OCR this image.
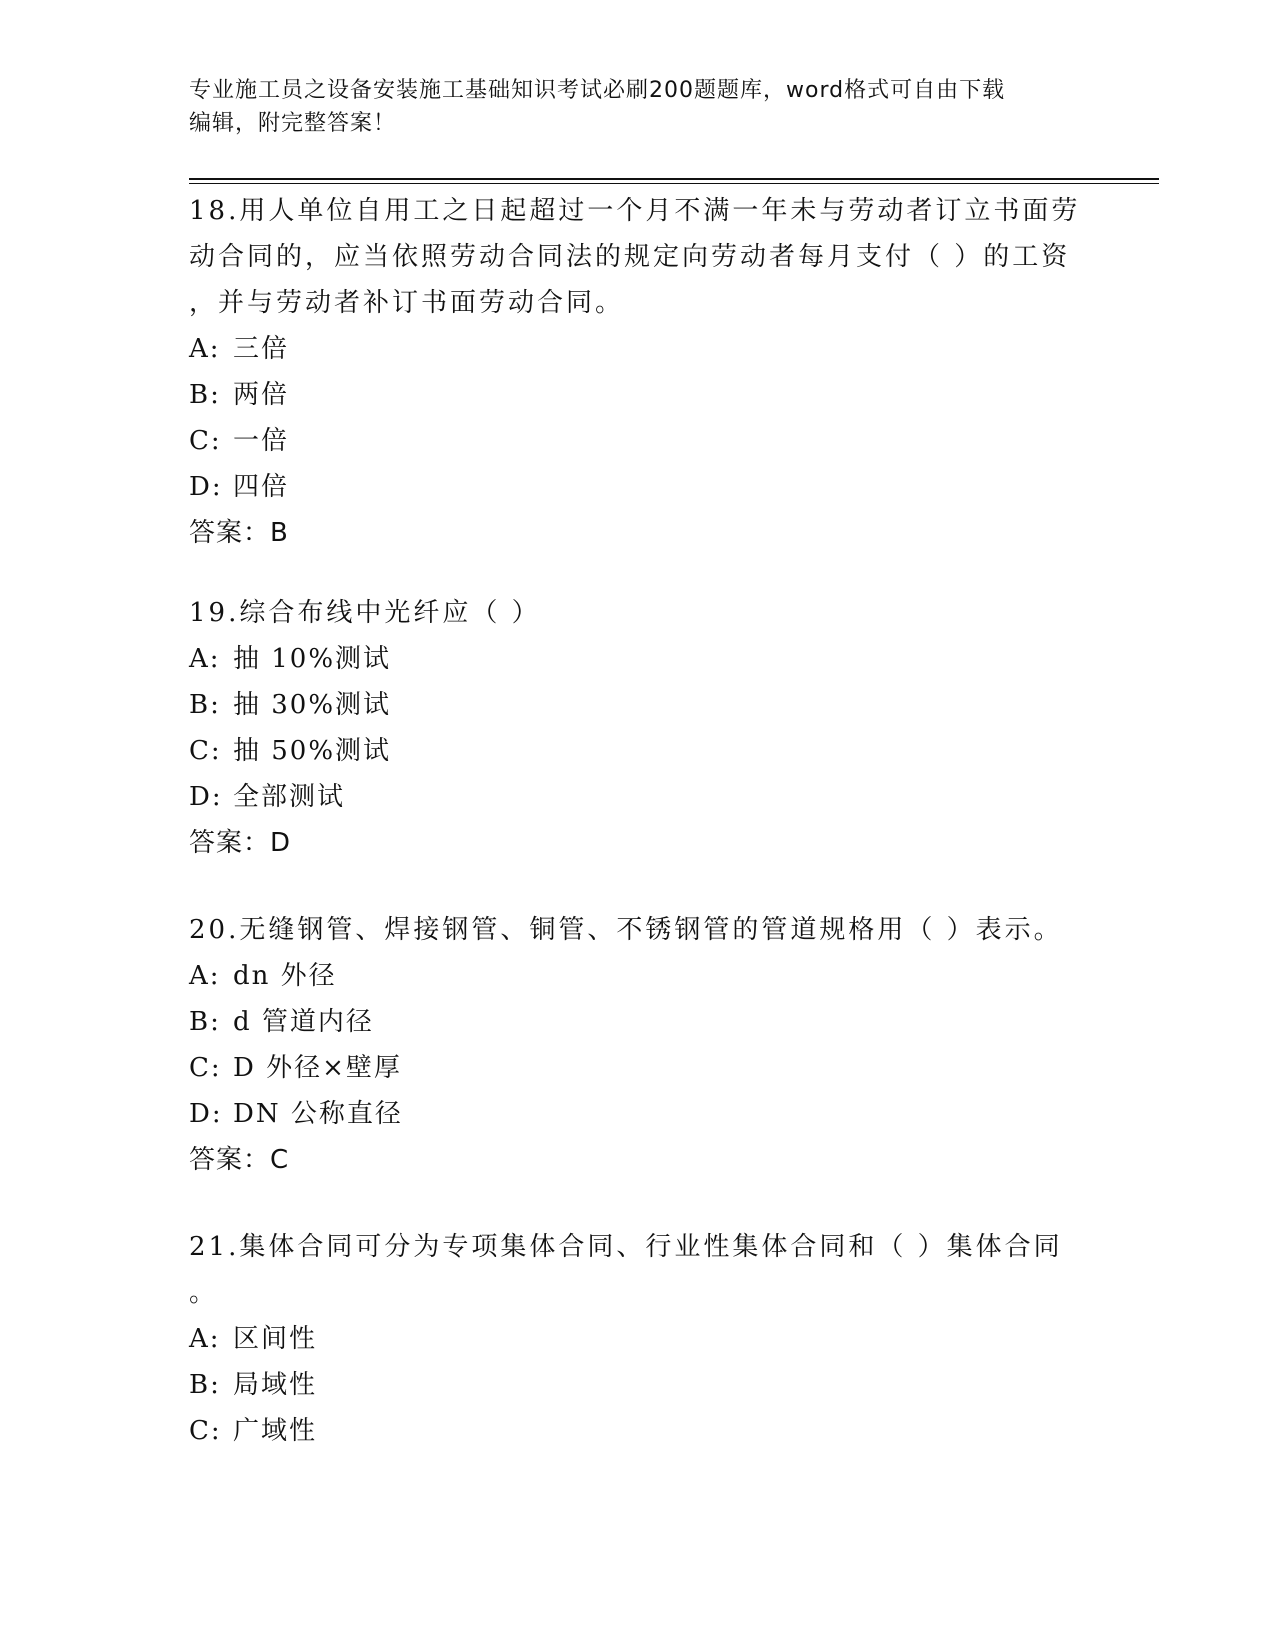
专业施工员之设备安装施工基础知识考试必刷200题题库，word格式可自由下载
编辑，附完整答案！

18.用人单位自用工之日起超过一个月不满一年未与劳动者订立书面劳

动合同的，应当依照劳动合同法的规定向劳动者每月支付（ ）的工资

，并与劳动者补订书面劳动合同。

A: 三倍

B: 两倍

C: 一倍

D: 四倍

答案：B

19.综合布线中光纤应（ ）

A: 抽 10%测试

B: 抽 30%测试

C: 抽 50%测试

D: 全部测试

答案：D

20.无缝钢管、焊接钢管、铜管、不锈钢管的管道规格用（ ）表示。

A: dn 外径

B: d 管道内径

C: D 外径×壁厚

D: DN 公称直径

答案：C

21.集体合同可分为专项集体合同、行业性集体合同和（ ）集体合同

。

A: 区间性

B: 局域性

C: 广域性
